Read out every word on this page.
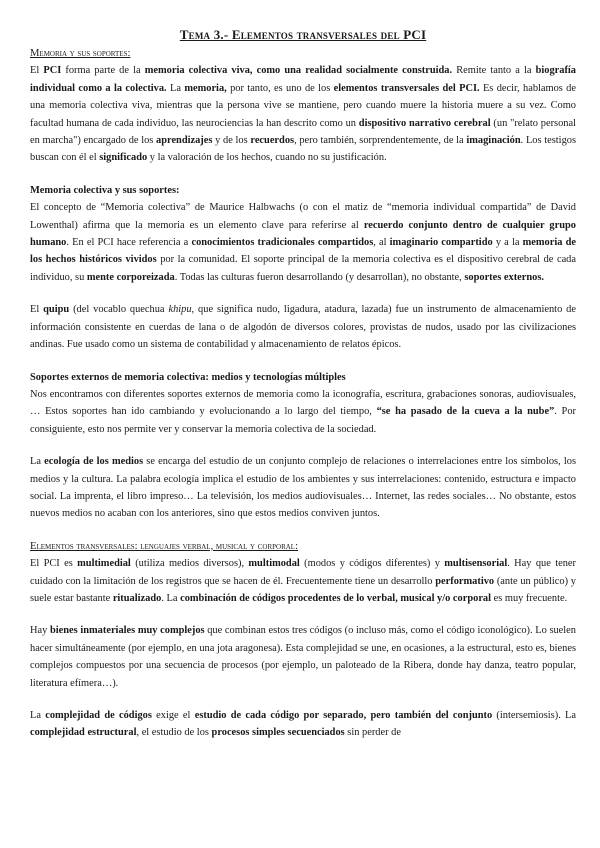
Tema 3.- Elementos transversales del PCI
Memoria y sus soportes:

El PCI forma parte de la memoria colectiva viva, como una realidad socialmente construida. Remite tanto a la biografía individual como a la colectiva. La memoria, por tanto, es uno de los elementos transversales del PCI. Es decir, hablamos de una memoria colectiva viva, mientras que la persona vive se mantiene, pero cuando muere la historia muere a su vez. Como facultad humana de cada individuo, las neurociencias la han descrito como un dispositivo narrativo cerebral (un "relato personal en marcha") encargado de los aprendizajes y de los recuerdos, pero también, sorprendentemente, de la imaginación. Los testigos buscan con él el significado y la valoración de los hechos, cuando no su justificación.

Memoria colectiva y sus soportes:

El concepto de “Memoria colectiva” de Maurice Halbwachs (o con el matiz de “memoria individual compartida” de David Lowenthal) afirma que la memoria es un elemento clave para referirse al recuerdo conjunto dentro de cualquier grupo humano. En el PCI hace referencia a conocimientos tradicionales compartidos, al imaginario compartido y a la memoria de los hechos históricos vividos por la comunidad. El soporte principal de la memoria colectiva es el dispositivo cerebral de cada individuo, su mente corporeizada. Todas las culturas fueron desarrollando (y desarrollan), no obstante, soportes externos.

El quipu (del vocablo quechua khipu, que significa nudo, ligadura, atadura, lazada) fue un instrumento de almacenamiento de información consistente en cuerdas de lana o de algodón de diversos colores, provistas de nudos, usado por las civilizaciones andinas. Fue usado como un sistema de contabilidad y almacenamiento de relatos épicos.

Soportes externos de memoria colectiva: medios y tecnologías múltiples

Nos encontramos con diferentes soportes externos de memoria como la iconografía, escritura, grabaciones sonoras, audiovisuales, … Estos soportes han ido cambiando y evolucionando a lo largo del tiempo, “se ha pasado de la cueva a la nube”. Por consiguiente, esto nos permite ver y conservar la memoria colectiva de la sociedad.

La ecología de los medios se encarga del estudio de un conjunto complejo de relaciones o interrelaciones entre los símbolos, los medios y la cultura. La palabra ecología implica el estudio de los ambientes y sus interrelaciones: contenido, estructura e impacto social. La imprenta, el libro impreso… La televisión, los medios audiovisuales… Internet, las redes sociales… No obstante, estos nuevos medios no acaban con los anteriores, sino que estos medios conviven juntos.

Elementos transversales: lenguajes verbal, musical y corporal:

El PCI es multimedial (utiliza medios diversos), multimodal (modos y códigos diferentes) y multisensorial. Hay que tener cuidado con la limitación de los registros que se hacen de él. Frecuentemente tiene un desarrollo performativo (ante un público) y suele estar bastante ritualizado. La combinación de códigos procedentes de lo verbal, musical y/o corporal es muy frecuente.

Hay bienes inmateriales muy complejos que combinan estos tres códigos (o incluso más, como el código iconológico). Lo suelen hacer simultáneamente (por ejemplo, en una jota aragonesa). Esta complejidad se une, en ocasiones, a la estructural, esto es, bienes complejos compuestos por una secuencia de procesos (por ejemplo, un paloteado de la Ribera, donde hay danza, teatro popular, literatura efímera…).

La complejidad de códigos exige el estudio de cada código por separado, pero también del conjunto (intersemiosis). La complejidad estructural, el estudio de los procesos simples secuenciados sin perder de
